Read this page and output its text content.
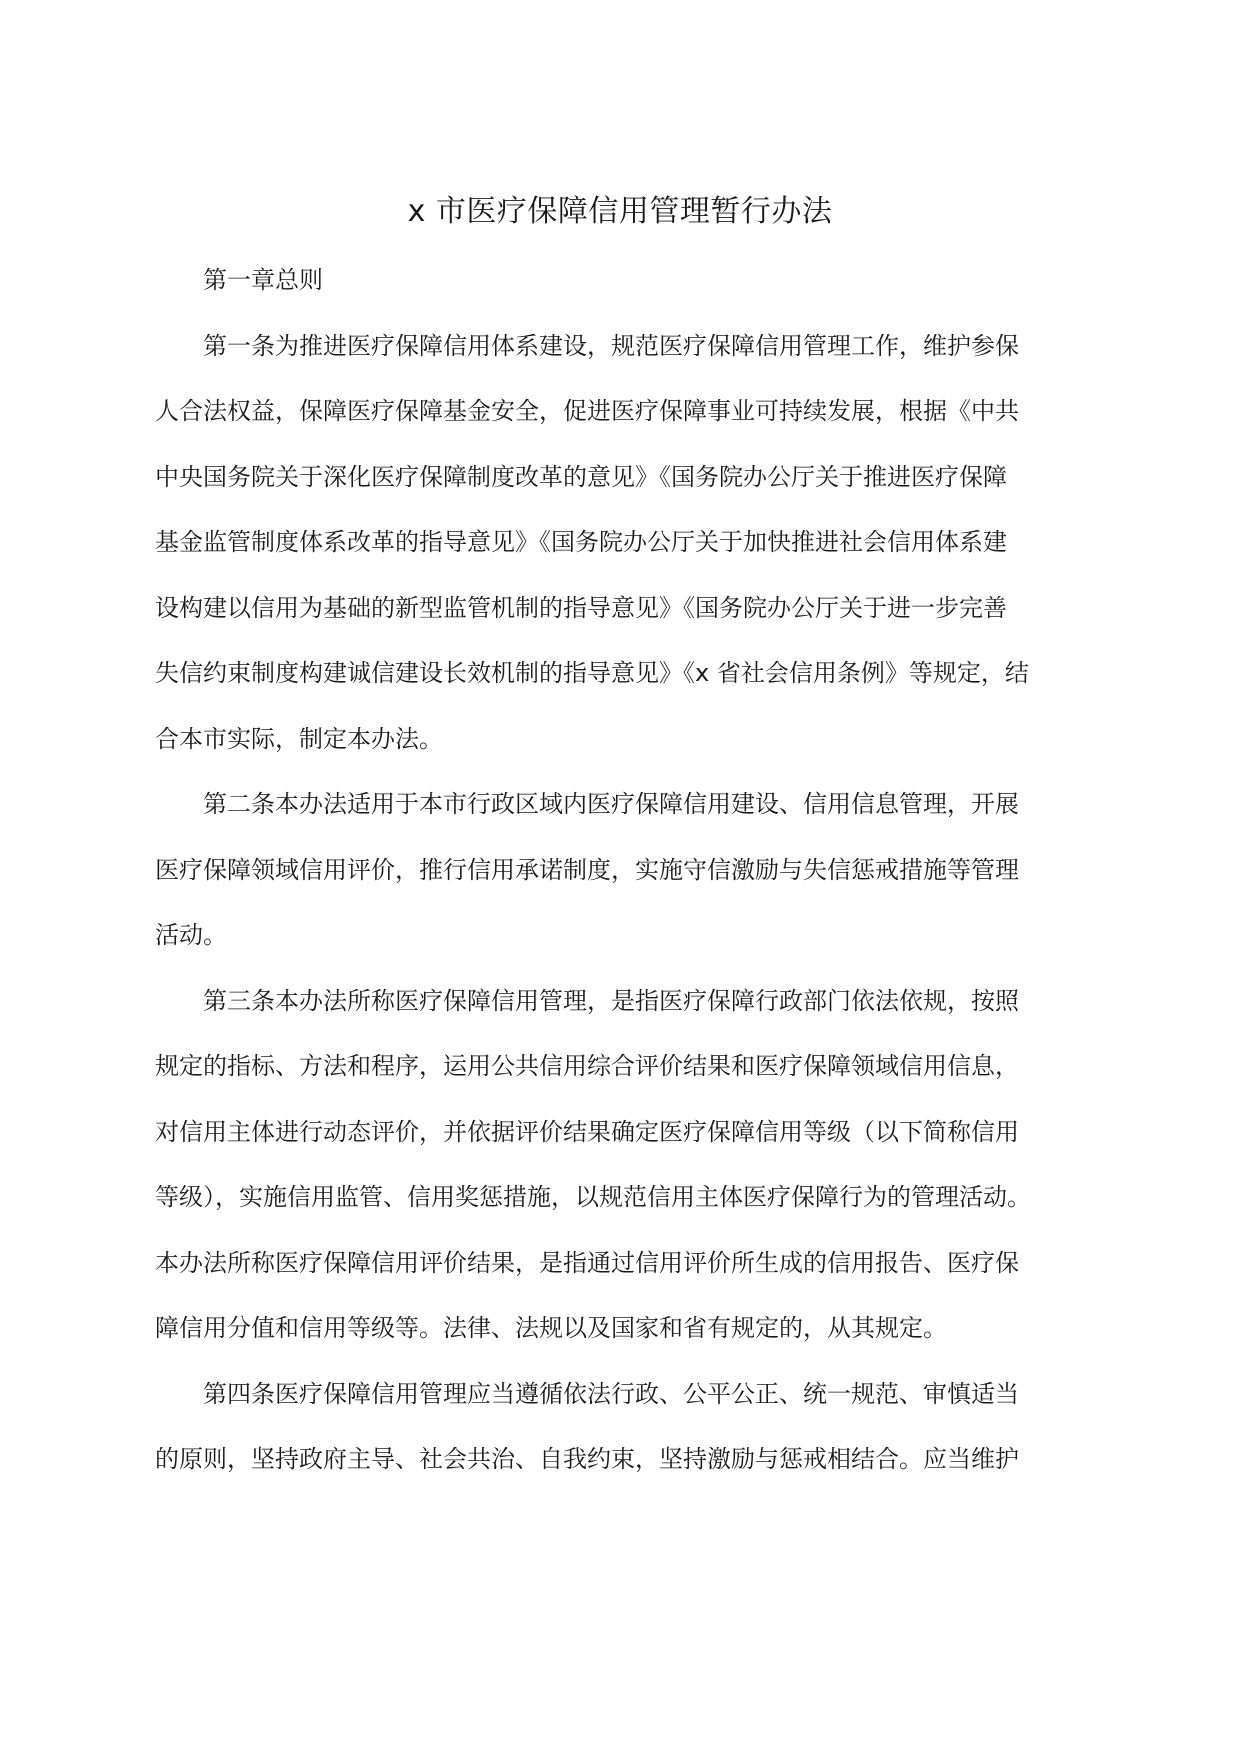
x 市医疗保障信用管理暂行办法
第一章总则
第一条为推进医疗保障信用体系建设，规范医疗保障信用管理工作，维护参保
人合法权益，保障医疗保障基金安全，促进医疗保障事业可持续发展，根据《中共
中央国务院关于深化医疗保障制度改革的意见》《国务院办公厅关于推进医疗保障
基金监管制度体系改革的指导意见》《国务院办公厅关于加快推进社会信用体系建
设构建以信用为基础的新型监管机制的指导意见》《国务院办公厅关于进一步完善
失信约束制度构建诚信建设长效机制的指导意见》《x 省社会信用条例》等规定，结
合本市实际，制定本办法。
第二条本办法适用于本市行政区域内医疗保障信用建设、信用信息管理，开展
医疗保障领域信用评价，推行信用承诺制度，实施守信激励与失信惩戒措施等管理
活动。
第三条本办法所称医疗保障信用管理，是指医疗保障行政部门依法依规，按照
规定的指标、方法和程序，运用公共信用综合评价结果和医疗保障领域信用信息，
对信用主体进行动态评价，并依据评价结果确定医疗保障信用等级（以下简称信用
等级），实施信用监管、信用奖惩措施，以规范信用主体医疗保障行为的管理活动。
本办法所称医疗保障信用评价结果，是指通过信用评价所生成的信用报告、医疗保
障信用分值和信用等级等。法律、法规以及国家和省有规定的，从其规定。
第四条医疗保障信用管理应当遵循依法行政、公平公正、统一规范、审慎适当
的原则，坚持政府主导、社会共治、自我约束，坚持激励与惩戒相结合。应当维护
